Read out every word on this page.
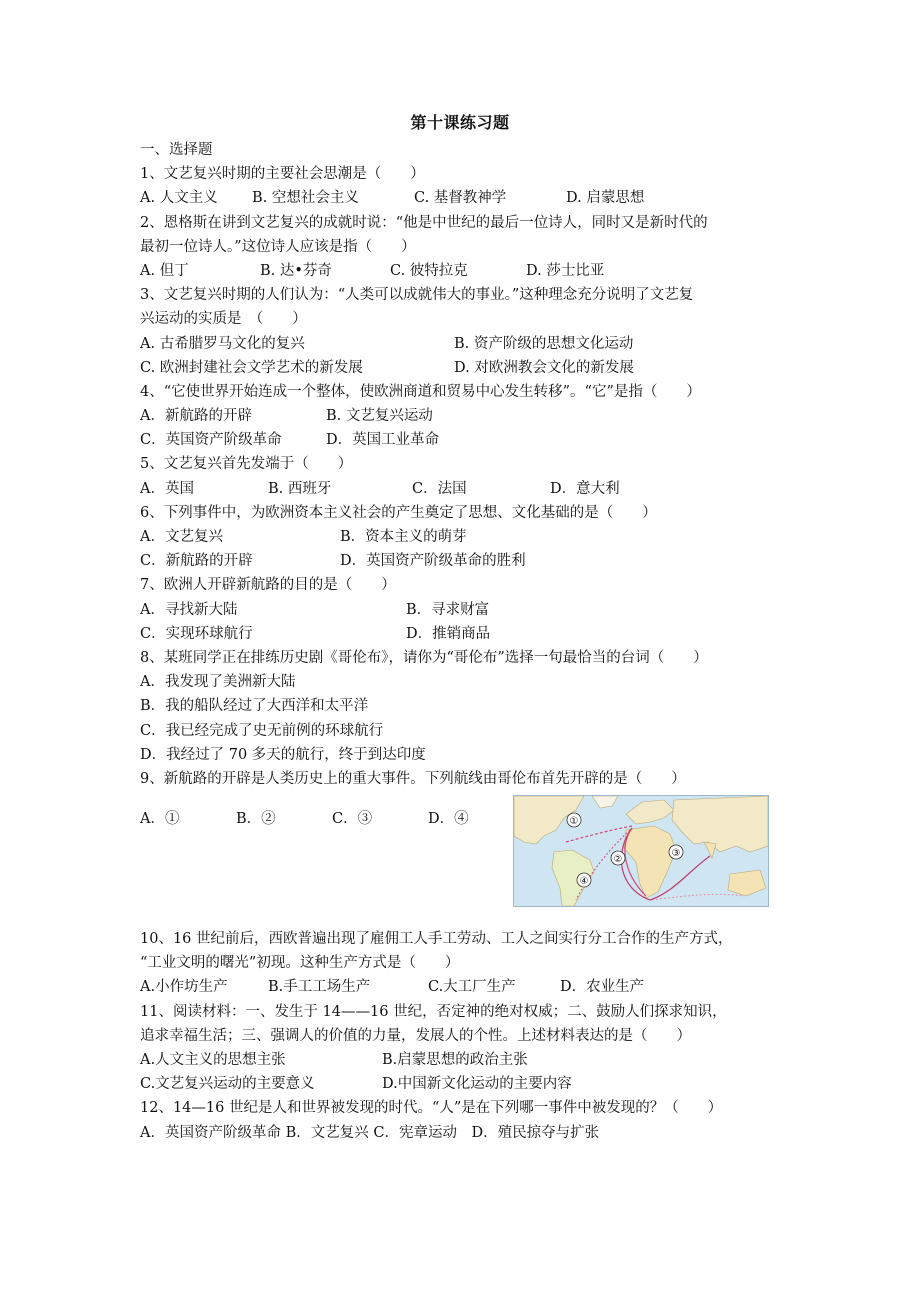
第十课练习题
一、选择题
1、文艺复兴时期的主要社会思潮是（　　）
A. 人文主义	B. 空想社会主义	C. 基督教神学	D. 启蒙思想
2、恩格斯在讲到文艺复兴的成就时说：“他是中世纪的最后一位诗人，同时又是新时代的
最初一位诗人。”这位诗人应该是指（　　）
A. 但丁	B. 达•芬奇	C. 彼特拉克	D. 莎士比亚
3、文艺复兴时期的人们认为：“人类可以成就伟大的事业。”这种理念充分说明了文艺复
兴运动的实质是　（　　）
A. 古希腊罗马文化的复兴	B. 资产阶级的思想文化运动
C. 欧洲封建社会文学艺术的新发展	D. 对欧洲教会文化的新发展
4、“它使世界开始连成一个整体，使欧洲商道和贸易中心发生转移”。“它”是指（　　）
A．新航路的开辟	B. 文艺复兴运动
C．英国资产阶级革命	D．英国工业革命
5、文艺复兴首先发端于（　　）
A．英国	B. 西班牙	C．法国	D．意大利
6、下列事件中，为欧洲资本主义社会的产生奠定了思想、文化基础的是（　　）
A．文艺复兴	B．资本主义的萌芽
C．新航路的开辟	D．英国资产阶级革命的胜利
7、欧洲人开辟新航路的目的是（　　）
A．寻找新大陆	B．寻求财富
C．实现环球航行	D．推销商品
8、某班同学正在排练历史剧《哥伦布》，请你为“哥伦布”选择一句最恰当的台词（　　）
A．我发现了美洲新大陆
B．我的船队经过了大西洋和太平洋
C．我已经完成了史无前例的环球航行
D．我经过了 70 多天的航行，终于到达印度
9、新航路的开辟是人类历史上的重大事件。下列航线由哥伦布首先开辟的是（　　）
A．①	B．②	C．③	D．④	①
②
③
④
10、16 世纪前后，西欧普遍出现了雇佣工人手工劳动、工人之间实行分工合作的生产方式，
“工业文明的曙光”初现。这种生产方式是（　　）
A.小作坊生产	B.手工工场生产	C.大工厂生产	D．农业生产
11、阅读材料：一、发生于 14——16 世纪，否定神的绝对权威；二、鼓励人们探求知识，
追求幸福生活；三、强调人的价值的力量，发展人的个性。上述材料表达的是（　　）
A.人文主义的思想主张	B.启蒙思想的政治主张
C.文艺复兴运动的主要意义	D.中国新文化运动的主要内容
12、14—16 世纪是人和世界被发现的时代。“人”是在下列哪一事件中被发现的？（　　）
A．英国资产阶级革命 B．文艺复兴 C．宪章运动　D．殖民掠夺与扩张
